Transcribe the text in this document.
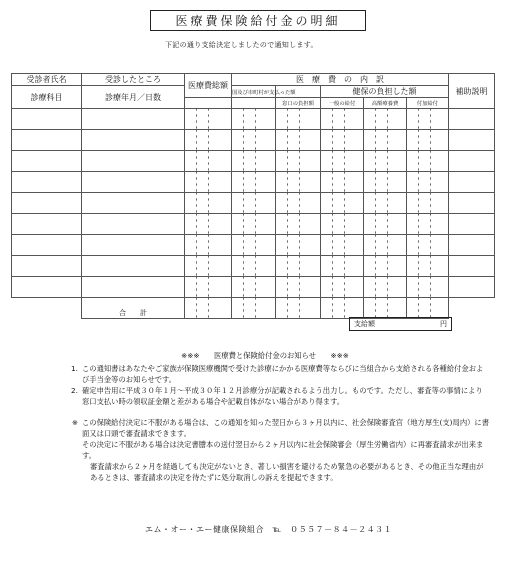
医療費保険給付金の明細
下記の通り支給決定しましたので通知します。
受診者氏名	受診したところ	医療費総額	医　療　費　の　内　訳					補助説明
診療科目	診療年月／日数		国及び市町村が支払った額		健保の負担した額			
				窓口の負担額	一般の給付	高額療養費	付加給付	

	合　　計							
支給額	円
※※※　　医療費と保険給付金のお知らせ　　※※※
1. この通知書はあなたやご家族が保険医療機関で受けた診療にかかる医療費等ならびに当組合から支給される各種給付金および手当金等のお知らせです。
2. 確定申告用に平成３０年１月～平成３０年１２月診療分が記載されるよう出力し。ものです。ただし、審査等の事情により窓口支払い時の領収証金額と差がある場合や記載自体がない場合があり得ます。
※ この保険給付決定に不服がある場合は、この通知を知った翌日から３ヶ月以内に、社会保険審査官（地方厚生(支)局内）に書面又は口頭で審査請求できます。
その決定に不服がある場合は決定書謄本の送付翌日から２ヶ月以内に社会保険審会（厚生労働省内）に再審査請求が出来ます。
審査請求から２ヶ月を経過しても決定がないとき、著しい損害を避けるため緊急の必要があるとき、その他正当な理由があるときは、審査請求の決定を待たずに処分取消しの訴えを提起できます。
エム・オー・エー健康保険組合　℡　０５５７－８４－２４３１
